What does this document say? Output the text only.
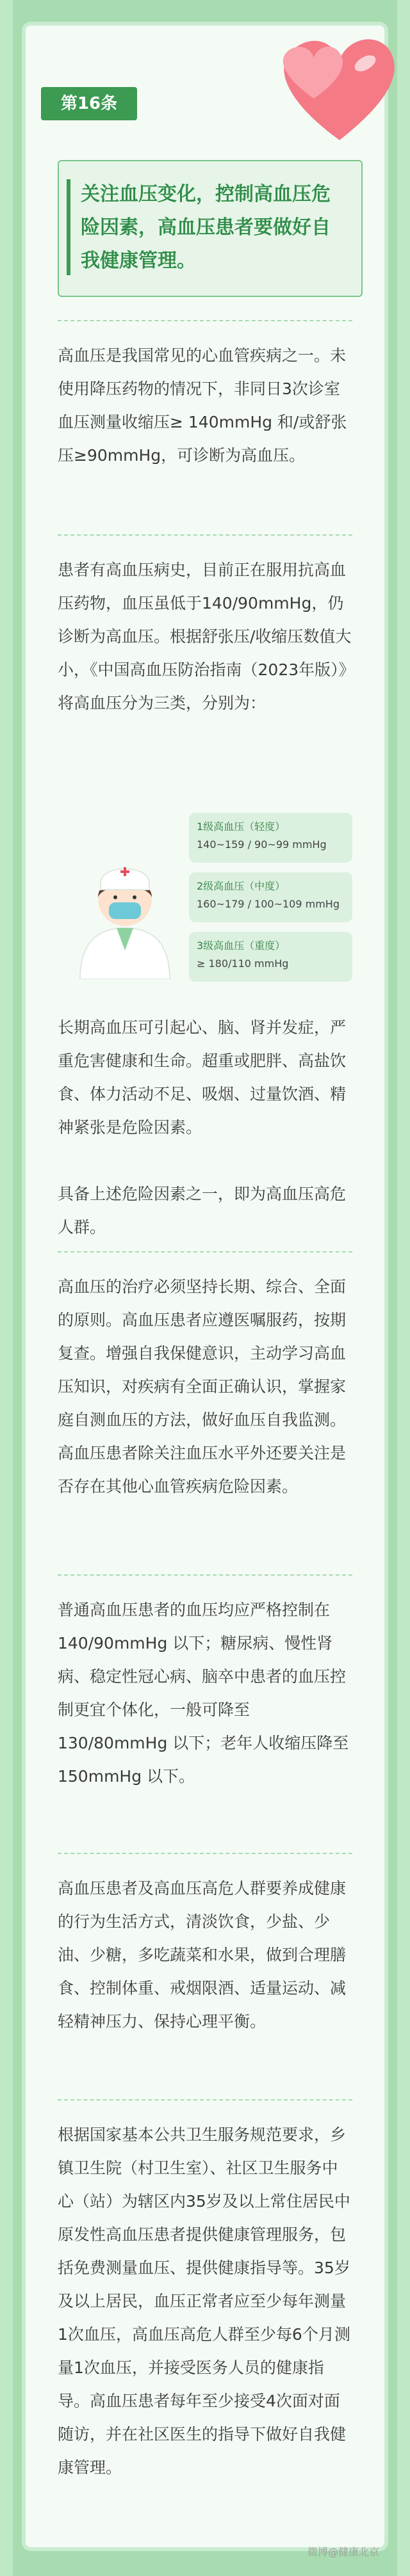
第16条
关注血压变化，控制高血压危险因素，高血压患者要做好自我健康管理。

高血压是我国常见的心血管疾病之一。未使用降压药物的情况下，非同日3次诊室血压测量收缩压≥ 140mmHg 和/或舒张压≥90mmHg，可诊断为高血压。

患者有高血压病史，目前正在服用抗高血压药物，血压虽低于140/90mmHg，仍诊断为高血压。根据舒张压/收缩压数值大小，《中国高血压防治指南（2023年版）》将高血压分为三类，分别为：

1级高血压（轻度）
140~159 / 90~99 mmHg
2级高血压（中度）
160~179 / 100~109 mmHg
3级高血压（重度）
≥ 180/110 mmHg

长期高血压可引起心、脑、肾并发症，严重危害健康和生命。超重或肥胖、高盐饮食、体力活动不足、吸烟、过量饮酒、精神紧张是危险因素。

具备上述危险因素之一，即为高血压高危人群。

高血压的治疗必须坚持长期、综合、全面的原则。高血压患者应遵医嘱服药，按期复查。增强自我保健意识，主动学习高血压知识，对疾病有全面正确认识，掌握家庭自测血压的方法，做好血压自我监测。高血压患者除关注血压水平外还要关注是否存在其他心血管疾病危险因素。

普通高血压患者的血压均应严格控制在 140/90mmHg 以下；糖尿病、慢性肾病、稳定性冠心病、脑卒中患者的血压控制更宜个体化，一般可降至130/80mmHg 以下；老年人收缩压降至 150mmHg 以下。

高血压患者及高血压高危人群要养成健康的行为生活方式，清淡饮食，少盐、少油、少糖，多吃蔬菜和水果，做到合理膳食、控制体重、戒烟限酒、适量运动、减轻精神压力、保持心理平衡。

根据国家基本公共卫生服务规范要求，乡镇卫生院（村卫生室）、社区卫生服务中心（站）为辖区内35岁及以上常住居民中原发性高血压患者提供健康管理服务，包括免费测量血压、提供健康指导等。35岁及以上居民，血压正常者应至少每年测量1次血压，高血压高危人群至少每6个月测量1次血压，并接受医务人员的健康指导。高血压患者每年至少接受4次面对面随访，并在社区医生的指导下做好自我健康管理。

微博@健康北京
